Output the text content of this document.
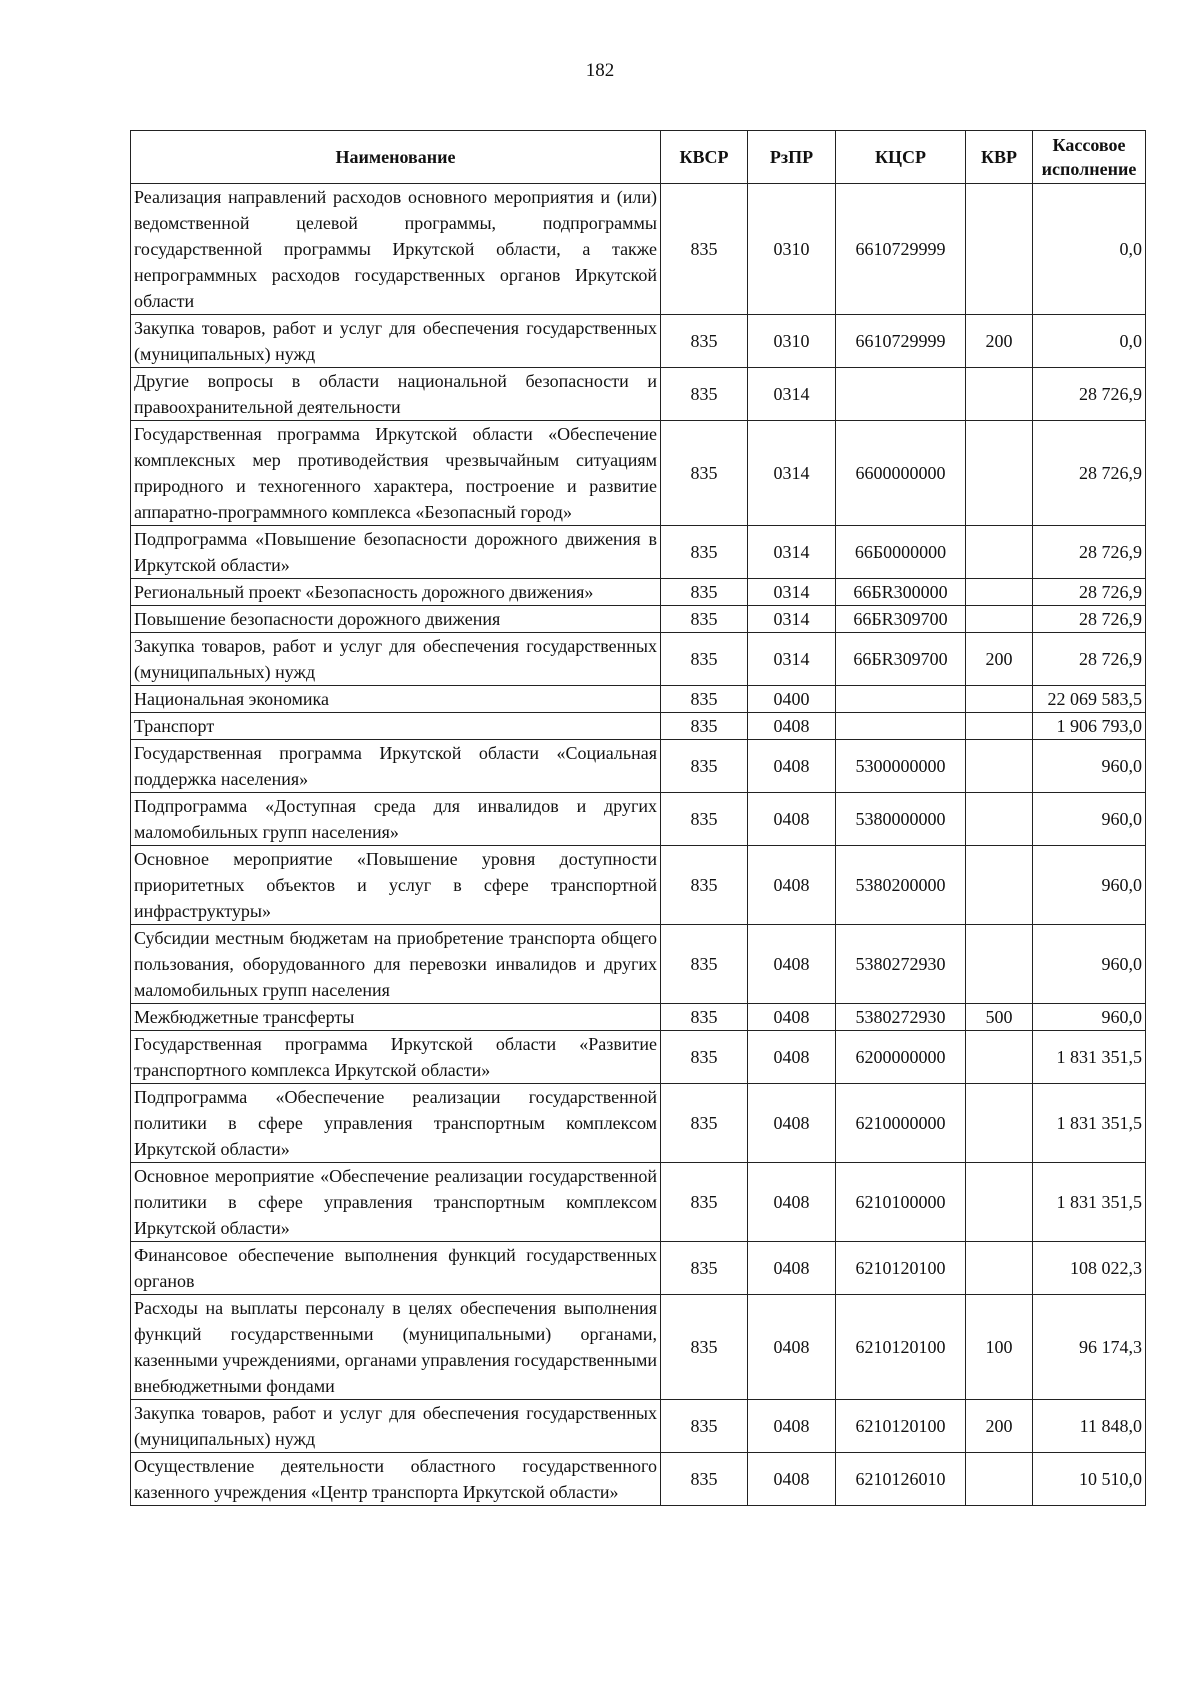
182
Наименование	КВСР	РзПР	КЦСР	КВР	Кассовое исполнение
Реализация направлений расходов основного мероприятия и (или) ведомственной целевой программы, подпрограммы государственной программы Иркутской области, а также непрограммных расходов государственных органов Иркутской области	835	0310	6610729999		0,0
Закупка товаров, работ и услуг для обеспечения государственных (муниципальных) нужд	835	0310	6610729999	200	0,0
Другие вопросы в области национальной безопасности и правоохранительной деятельности	835	0314			28 726,9
Государственная программа Иркутской области «Обеспечение комплексных мер противодействия чрезвычайным ситуациям природного и техногенного характера, построение и развитие аппаратно-программного комплекса «Безопасный город»	835	0314	6600000000		28 726,9
Подпрограмма «Повышение безопасности дорожного движения в Иркутской области»	835	0314	66Б0000000		28 726,9
Региональный проект «Безопасность дорожного движения»	835	0314	66БR300000		28 726,9
Повышение безопасности дорожного движения	835	0314	66БR309700		28 726,9
Закупка товаров, работ и услуг для обеспечения государственных (муниципальных) нужд	835	0314	66БR309700	200	28 726,9
Национальная экономика	835	0400			22 069 583,5
Транспорт	835	0408			1 906 793,0
Государственная программа Иркутской области «Социальная поддержка населения»	835	0408	5300000000		960,0
Подпрограмма «Доступная среда для инвалидов и других маломобильных групп населения»	835	0408	5380000000		960,0
Основное мероприятие «Повышение уровня доступности приоритетных объектов и услуг в сфере транспортной инфраструктуры»	835	0408	5380200000		960,0
Субсидии местным бюджетам на приобретение транспорта общего пользования, оборудованного для перевозки инвалидов и других маломобильных групп населения	835	0408	5380272930		960,0
Межбюджетные трансферты	835	0408	5380272930	500	960,0
Государственная программа Иркутской области «Развитие транспортного комплекса Иркутской области»	835	0408	6200000000		1 831 351,5
Подпрограмма «Обеспечение реализации государственной политики в сфере управления транспортным комплексом Иркутской области»	835	0408	6210000000		1 831 351,5
Основное мероприятие «Обеспечение реализации государственной политики в сфере управления транспортным комплексом Иркутской области»	835	0408	6210100000		1 831 351,5
Финансовое обеспечение выполнения функций государственных органов	835	0408	6210120100		108 022,3
Расходы на выплаты персоналу в целях обеспечения выполнения функций государственными (муниципальными) органами, казенными учреждениями, органами управления государственными внебюджетными фондами	835	0408	6210120100	100	96 174,3
Закупка товаров, работ и услуг для обеспечения государственных (муниципальных) нужд	835	0408	6210120100	200	11 848,0
Осуществление деятельности областного государственного казенного учреждения «Центр транспорта Иркутской области»	835	0408	6210126010		10 510,0
